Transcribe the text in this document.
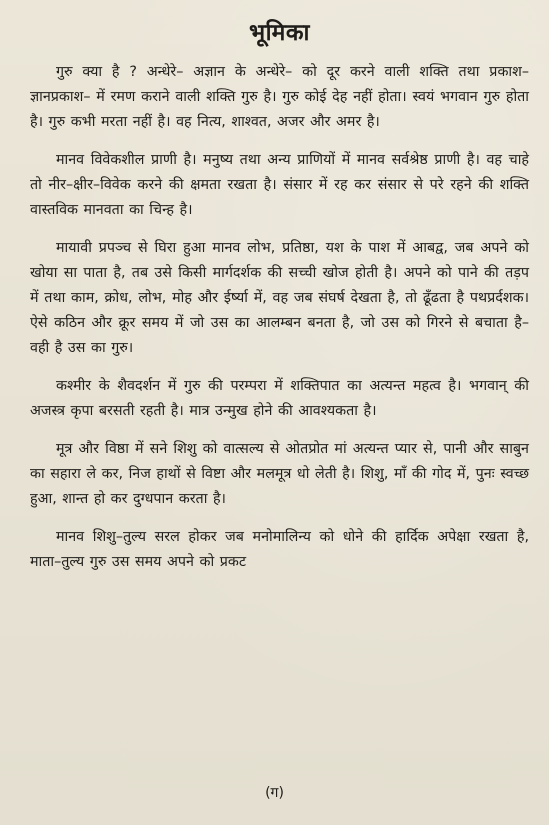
भूमिका

गुरु क्या है ? अन्धेरे– अज्ञान के अन्धेरे– को दूर करने वाली शक्ति तथा प्रकाश–ज्ञानप्रकाश– में रमण कराने वाली शक्ति गुरु है। गुरु कोई देह नहीं होता। स्वयं भगवान गुरु होता है। गुरु कभी मरता नहीं है। वह नित्य, शाश्वत, अजर और अमर है।

मानव विवेकशील प्राणी है। मनुष्य तथा अन्य प्राणियों में मानव सर्वश्रेष्ठ प्राणी है। वह चाहे तो नीर–क्षीर–विवेक करने की क्षमता रखता है। संसार में रह कर संसार से परे रहने की शक्ति वास्तविक मानवता का चिन्ह है।

मायावी प्रपञ्च से घिरा हुआ मानव लोभ, प्रतिष्ठा, यश के पाश में आबद्व, जब अपने को खोया सा पाता है, तब उसे किसी मार्गदर्शक की सच्ची खोज होती है। अपने को पाने की तड़प में तथा काम, क्रोध, लोभ, मोह और ईर्ष्या में, वह जब संघर्ष देखता है, तो ढूँढता है पथप्रर्दशक। ऐसे कठिन और क्रूर समय में जो उस का आलम्बन बनता है, जो उस को गिरने से बचाता है–वही है उस का गुरु।

कश्मीर के शैवदर्शन में गुरु की परम्परा में शक्तिपात का अत्यन्त महत्व है। भगवान् की अजस्त्र कृपा बरसती रहती है। मात्र उन्मुख होने की आवश्यकता है।

मूत्र और विष्ठा में सने शिशु को वात्सल्य से ओतप्रोत मां अत्यन्त प्यार से, पानी और साबुन का सहारा ले कर, निज हाथों से विष्टा और मलमूत्र धो लेती है। शिशु, माँ की गोद में, पुनः स्वच्छ हुआ, शान्त हो कर दुग्धपान करता है।

मानव शिशु–तुल्य सरल होकर जब मनोमालिन्य को धोने की हार्दिक अपेक्षा रखता है, माता–तुल्य गुरु उस समय अपने को प्रकट

(ग)
